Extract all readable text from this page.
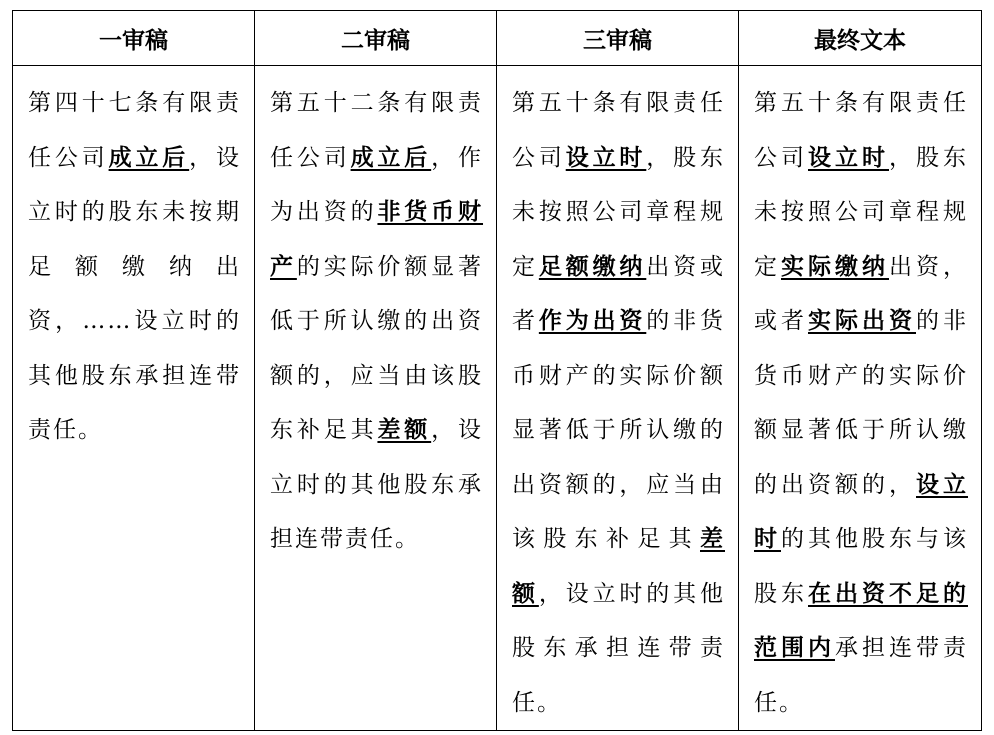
一审稿	二审稿	三审稿	最终文本
第四十七条有限责任公司成立后，设立时的股东未按期足额缴纳出资，……设立时的其他股东承担连带责任。	第五十二条有限责任公司成立后，作为出资的非货币财产的实际价额显著低于所认缴的出资额的，应当由该股东补足其差额，设立时的其他股东承担连带责任。	第五十条有限责任公司设立时，股东未按照公司章程规定足额缴纳出资或者作为出资的非货币财产的实际价额显著低于所认缴的出资额的，应当由该股东补足其差额，设立时的其他股东承担连带责任。	第五十条有限责任公司设立时，股东未按照公司章程规定实际缴纳出资，或者实际出资的非货币财产的实际价额显著低于所认缴的出资额的，设立时的其他股东与该股东在出资不足的范围内承担连带责任。
